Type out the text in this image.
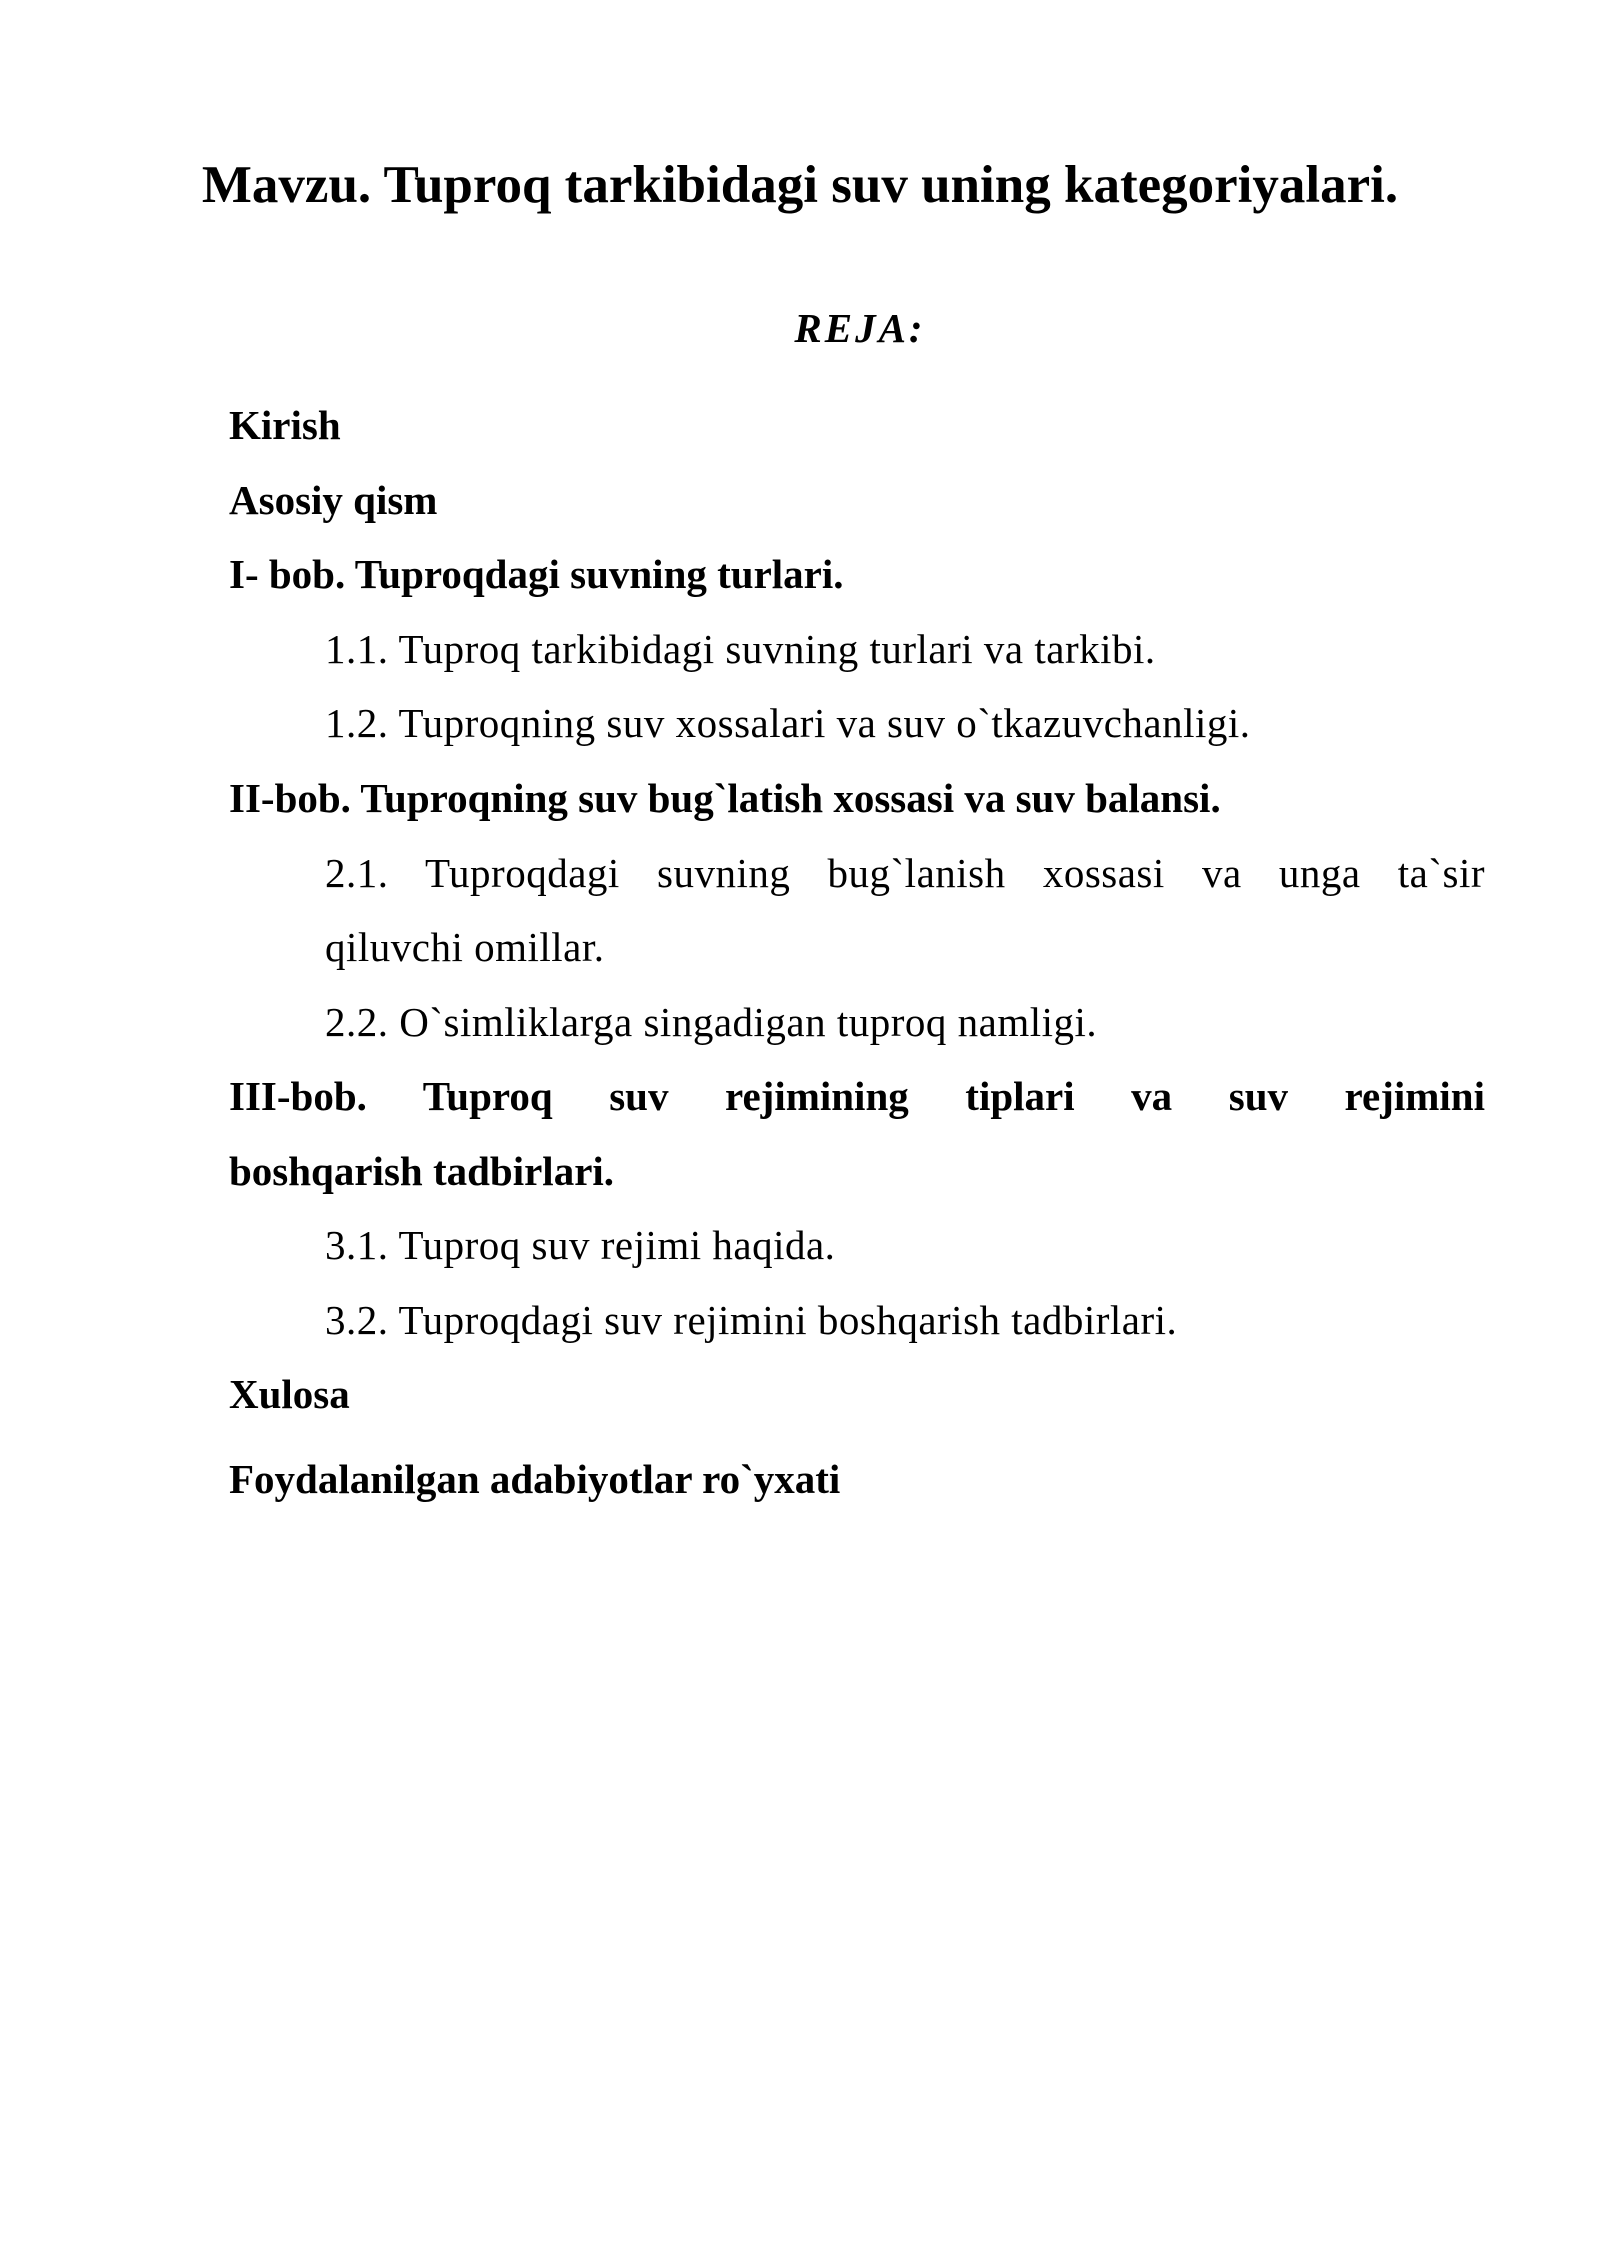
Mavzu. Tuproq tarkibidagi suv uning kategoriyalari.
REJA:
Kirish
Asosiy qism
I- bob. Tuproqdagi suvning turlari.
1.1. Tuproq tarkibidagi suvning turlari va tarkibi.
1.2. Tuproqning suv xossalari va suv o`tkazuvchanligi.
II-bob. Tuproqning suv bug`latish xossasi va suv balansi.
2.1. Tuproqdagi suvning bug`lanish xossasi va unga ta`sir
qiluvchi omillar.
2.2. O`simliklarga singadigan tuproq namligi.
III-bob. Tuproq suv rejimining tiplari va suv rejimini
boshqarish tadbirlari.
3.1. Tuproq suv rejimi haqida.
3.2. Tuproqdagi suv rejimini boshqarish tadbirlari.
Xulosa
Foydalanilgan adabiyotlar ro`yxati
